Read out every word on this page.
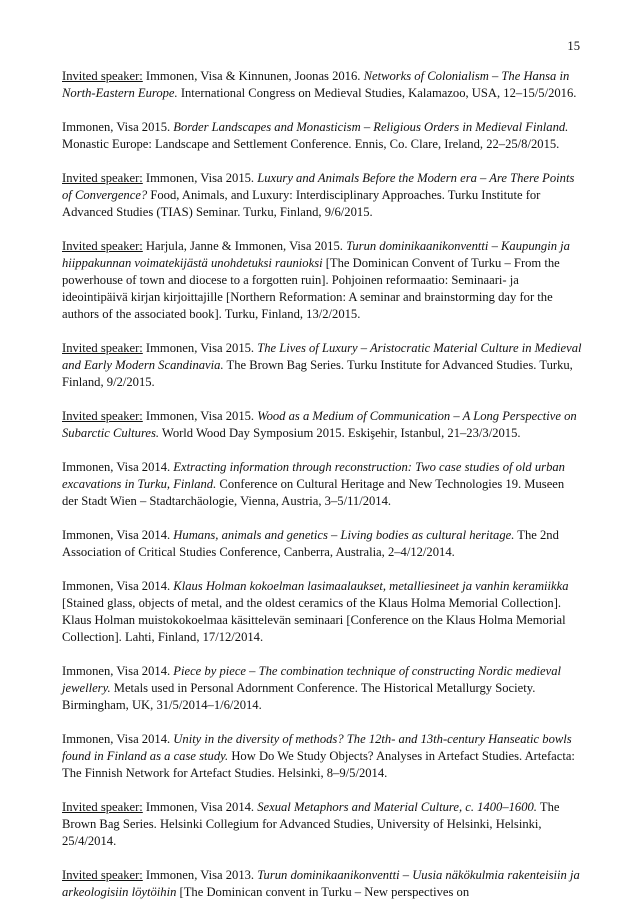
15

Invited speaker: Immonen, Visa & Kinnunen, Joonas 2016. Networks of Colonialism – The Hansa in North-Eastern Europe. International Congress on Medieval Studies, Kalamazoo, USA, 12–15/5/2016.

Immonen, Visa 2015. Border Landscapes and Monasticism – Religious Orders in Medieval Finland. Monastic Europe: Landscape and Settlement Conference. Ennis, Co. Clare, Ireland, 22–25/8/2015.

Invited speaker: Immonen, Visa 2015. Luxury and Animals Before the Modern era – Are There Points of Convergence? Food, Animals, and Luxury: Interdisciplinary Approaches. Turku Institute for Advanced Studies (TIAS) Seminar. Turku, Finland, 9/6/2015.

Invited speaker: Harjula, Janne & Immonen, Visa 2015. Turun dominikaanikonventti – Kaupungin ja hiippakunnan voimatekijästä unohdetuksi raunioksi [The Dominican Convent of Turku – From the powerhouse of town and diocese to a forgotten ruin]. Pohjoinen reformaatio: Seminaari- ja ideointipäivä kirjan kirjoittajille [Northern Reformation: A seminar and brainstorming day for the authors of the associated book]. Turku, Finland, 13/2/2015.

Invited speaker: Immonen, Visa 2015. The Lives of Luxury – Aristocratic Material Culture in Medieval and Early Modern Scandinavia. The Brown Bag Series. Turku Institute for Advanced Studies. Turku, Finland, 9/2/2015.

Invited speaker: Immonen, Visa 2015. Wood as a Medium of Communication – A Long Perspective on Subarctic Cultures. World Wood Day Symposium 2015. Eskişehir, Istanbul, 21–23/3/2015.

Immonen, Visa 2014. Extracting information through reconstruction: Two case studies of old urban excavations in Turku, Finland. Conference on Cultural Heritage and New Technologies 19. Museen der Stadt Wien – Stadtarchäologie, Vienna, Austria, 3–5/11/2014.

Immonen, Visa 2014. Humans, animals and genetics – Living bodies as cultural heritage. The 2nd Association of Critical Studies Conference, Canberra, Australia, 2–4/12/2014.

Immonen, Visa 2014. Klaus Holman kokoelman lasimaalaukset, metalliesineet ja vanhin keramiikka [Stained glass, objects of metal, and the oldest ceramics of the Klaus Holma Memorial Collection]. Klaus Holman muistokokoelmaa käsittelevän seminaari [Conference on the Klaus Holma Memorial Collection]. Lahti, Finland, 17/12/2014.

Immonen, Visa 2014. Piece by piece – The combination technique of constructing Nordic medieval jewellery. Metals used in Personal Adornment Conference. The Historical Metallurgy Society. Birmingham, UK, 31/5/2014–1/6/2014.

Immonen, Visa 2014. Unity in the diversity of methods? The 12th- and 13th-century Hanseatic bowls found in Finland as a case study. How Do We Study Objects? Analyses in Artefact Studies. Artefacta: The Finnish Network for Artefact Studies. Helsinki, 8–9/5/2014.

Invited speaker: Immonen, Visa 2014. Sexual Metaphors and Material Culture, c. 1400–1600. The Brown Bag Series. Helsinki Collegium for Advanced Studies, University of Helsinki, Helsinki, 25/4/2014.

Invited speaker: Immonen, Visa 2013. Turun dominikaanikonventti – Uusia näkökulmia rakenteisiin ja arkeologisiin löytöihin [The Dominican convent in Turku – New perspectives on
